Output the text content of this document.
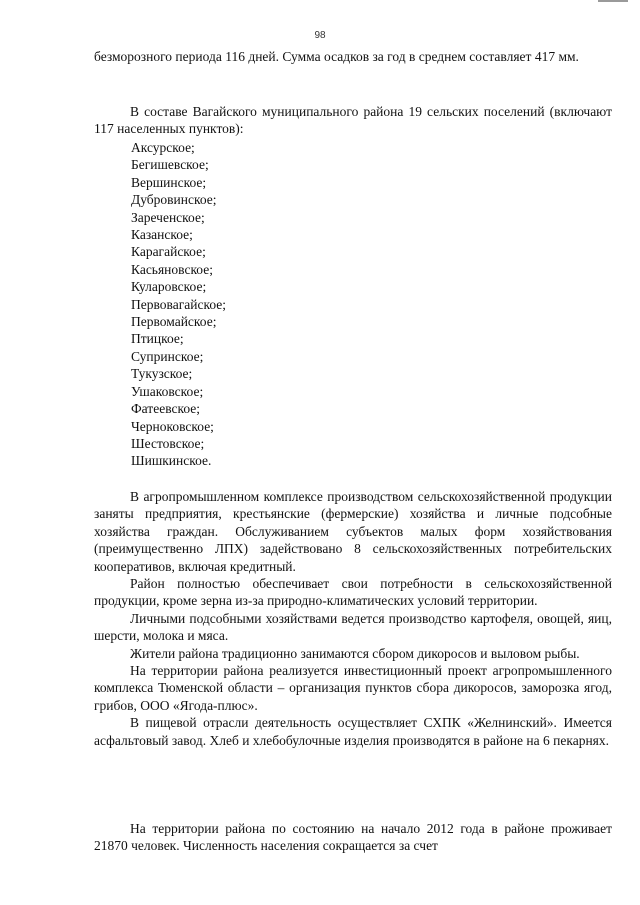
98

безморозного периода 116 дней. Сумма осадков за год в среднем составляет 417 мм.

В составе Вагайского муниципального района 19 сельских поселений (включают 117 населенных пунктов):

Аксурское;
Бегишевское;
Вершинское;
Дубровинское;
Зареченское;
Казанское;
Карагайское;
Касьяновское;
Куларовское;
Первовагайское;
Первомайское;
Птицкое;
Супринское;
Тукузское;
Ушаковское;
Фатеевское;
Черноковское;
Шестовское;
Шишкинское.

В агропромышленном комплексе производством сельскохозяйственной продукции заняты предприятия, крестьянские (фермерские) хозяйства и личные подсобные хозяйства граждан. Обслуживанием субъектов малых форм хозяйствования (преимущественно ЛПХ) задействовано 8 сельскохозяйственных потребительских кооперативов, включая кредитный.

Район полностью обеспечивает свои потребности в сельскохозяйственной продукции, кроме зерна из-за природно-климатических условий территории.

Личными подсобными хозяйствами ведется производство картофеля, овощей, яиц, шерсти, молока и мяса.

Жители района традиционно занимаются сбором дикоросов и выловом рыбы.

На территории района реализуется инвестиционный проект агропромышленного комплекса Тюменской области – организация пунктов сбора дикоросов, заморозка ягод, грибов, ООО «Ягода-плюс».

В пищевой отрасли деятельность осуществляет СХПК «Желнинский». Имеется асфальтовый завод. Хлеб и хлебобулочные изделия производятся в районе на 6 пекарнях.

На территории района по состоянию на начало 2012 года в районе проживает 21870 человек. Численность населения сокращается за счет
